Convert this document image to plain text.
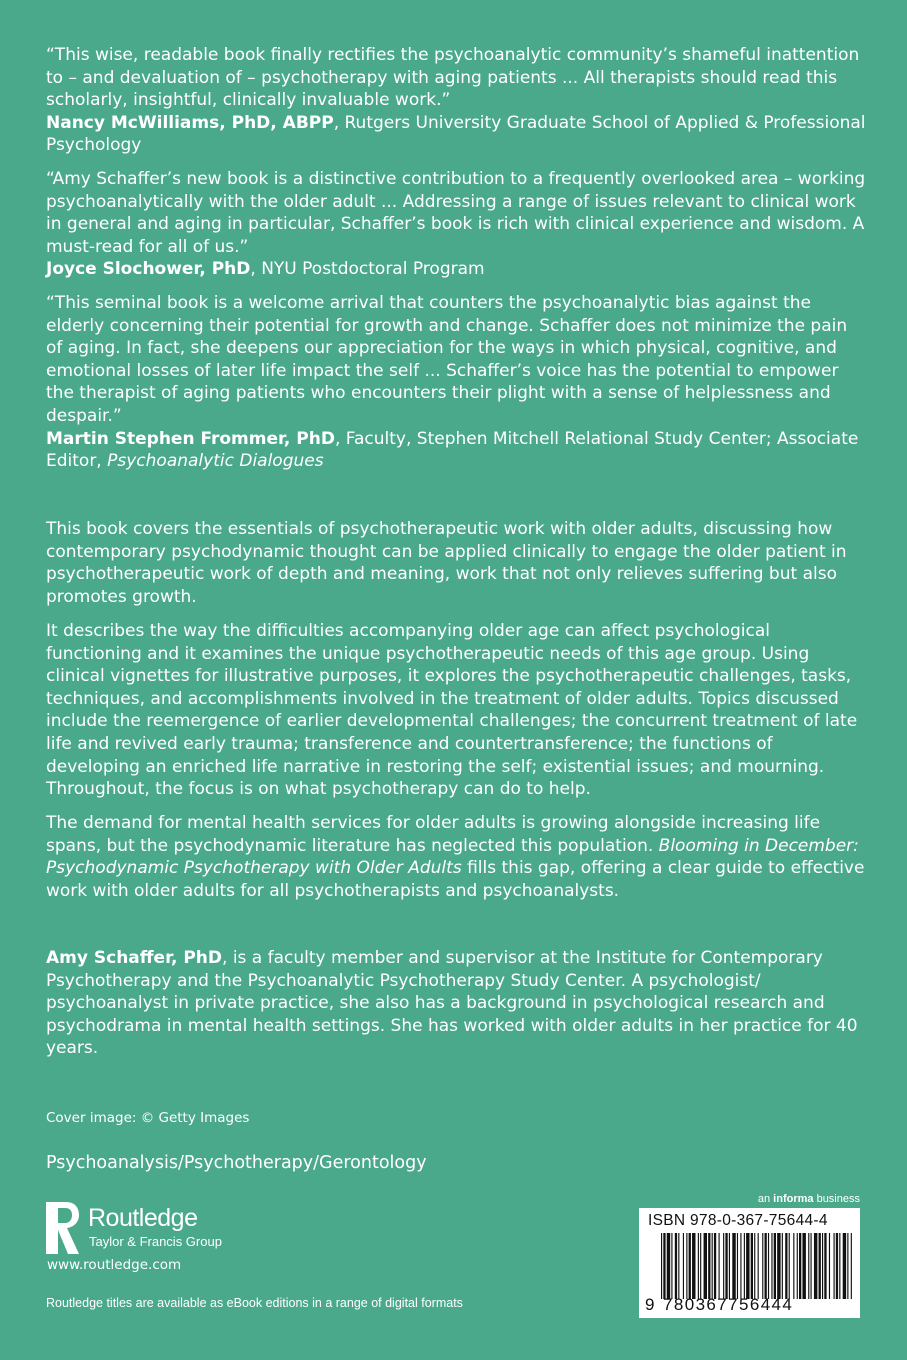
“This wise, readable book finally rectifies the psychoanalytic community’s shameful inattention to – and devaluation of – psychotherapy with aging patients ... All therapists should read this scholarly, insightful, clinically invaluable work.”

Nancy McWilliams, PhD, ABPP, Rutgers University Graduate School of Applied & Professional Psychology

“Amy Schaffer’s new book is a distinctive contribution to a frequently overlooked area – working psychoanalytically with the older adult ... Addressing a range of issues relevant to clinical work in general and aging in particular, Schaffer’s book is rich with clinical experience and wisdom. A must-read for all of us.”

Joyce Slochower, PhD, NYU Postdoctoral Program

“This seminal book is a welcome arrival that counters the psychoanalytic bias against the elderly concerning their potential for growth and change. Schaffer does not minimize the pain of aging. In fact, she deepens our appreciation for the ways in which physical, cognitive, and emotional losses of later life impact the self ... Schaffer’s voice has the potential to empower the therapist of aging patients who encounters their plight with a sense of helplessness and despair.”

Martin Stephen Frommer, PhD, Faculty, Stephen Mitchell Relational Study Center; Associate Editor, Psychoanalytic Dialogues

This book covers the essentials of psychotherapeutic work with older adults, discussing how contemporary psychodynamic thought can be applied clinically to engage the older patient in psychotherapeutic work of depth and meaning, work that not only relieves suffering but also promotes growth.

It describes the way the difficulties accompanying older age can affect psychological functioning and it examines the unique psychotherapeutic needs of this age group. Using clinical vignettes for illustrative purposes, it explores the psychotherapeutic challenges, tasks, techniques, and accomplishments involved in the treatment of older adults. Topics discussed include the reemergence of earlier developmental challenges; the concurrent treatment of late life and revived early trauma; transference and countertransference; the functions of developing an enriched life narrative in restoring the self; existential issues; and mourning. Throughout, the focus is on what psychotherapy can do to help.

The demand for mental health services for older adults is growing alongside increasing life spans, but the psychodynamic literature has neglected this population. Blooming in December: Psychodynamic Psychotherapy with Older Adults fills this gap, offering a clear guide to effective work with older adults for all psychotherapists and psychoanalysts.

Amy Schaffer, PhD, is a faculty member and supervisor at the Institute for Contemporary Psychotherapy and the Psychoanalytic Psychotherapy Study Center. A psychologist/ psychoanalyst in private practice, she also has a background in psychological research and psychodrama in mental health settings. She has worked with older adults in her practice for 40 years.

Cover image: © Getty Images
Psychoanalysis/Psychotherapy/Gerontology
Routledge
Taylor & Francis Group
www.routledge.com
Routledge titles are available as eBook editions in a range of digital formats
an informa business
ISBN 978-0-367-75644-4
9 780367756444
